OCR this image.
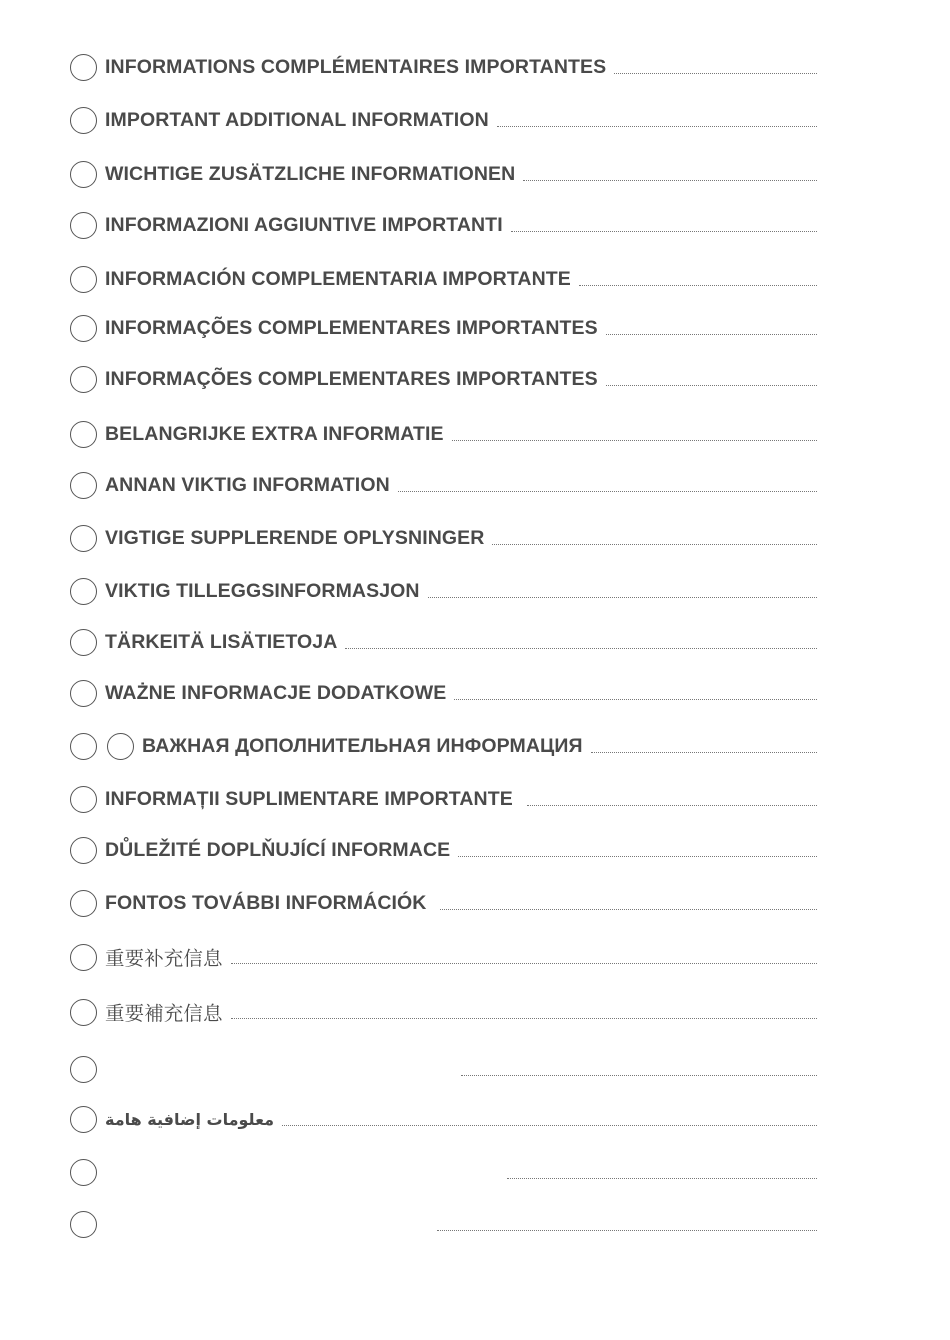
INFORMATIONS COMPLÉMENTAIRES IMPORTANTES
IMPORTANT ADDITIONAL INFORMATION
WICHTIGE ZUSÄTZLICHE INFORMATIONEN
INFORMAZIONI AGGIUNTIVE IMPORTANTI
INFORMACIÓN COMPLEMENTARIA IMPORTANTE
INFORMAÇÕES COMPLEMENTARES IMPORTANTES
INFORMAÇÕES COMPLEMENTARES IMPORTANTES
BELANGRIJKE EXTRA INFORMATIE
ANNAN VIKTIG INFORMATION
VIGTIGE SUPPLERENDE OPLYSNINGER
VIKTIG TILLEGGSINFORMASJON
TÄRKEITÄ LISÄTIETOJA
WAŻNE INFORMACJE DODATKOWE
ВАЖНАЯ ДОПОЛНИТЕЛЬНАЯ ИНФОРМАЦИЯ
INFORMAȚII SUPLIMENTARE IMPORTANTE
DŮLEŽITÉ DOPLŇUJÍCÍ INFORMACE
FONTOS TOVÁBBI INFORMÁCIÓK
重要补充信息
重要補充信息
معلومات إضافية هامة
